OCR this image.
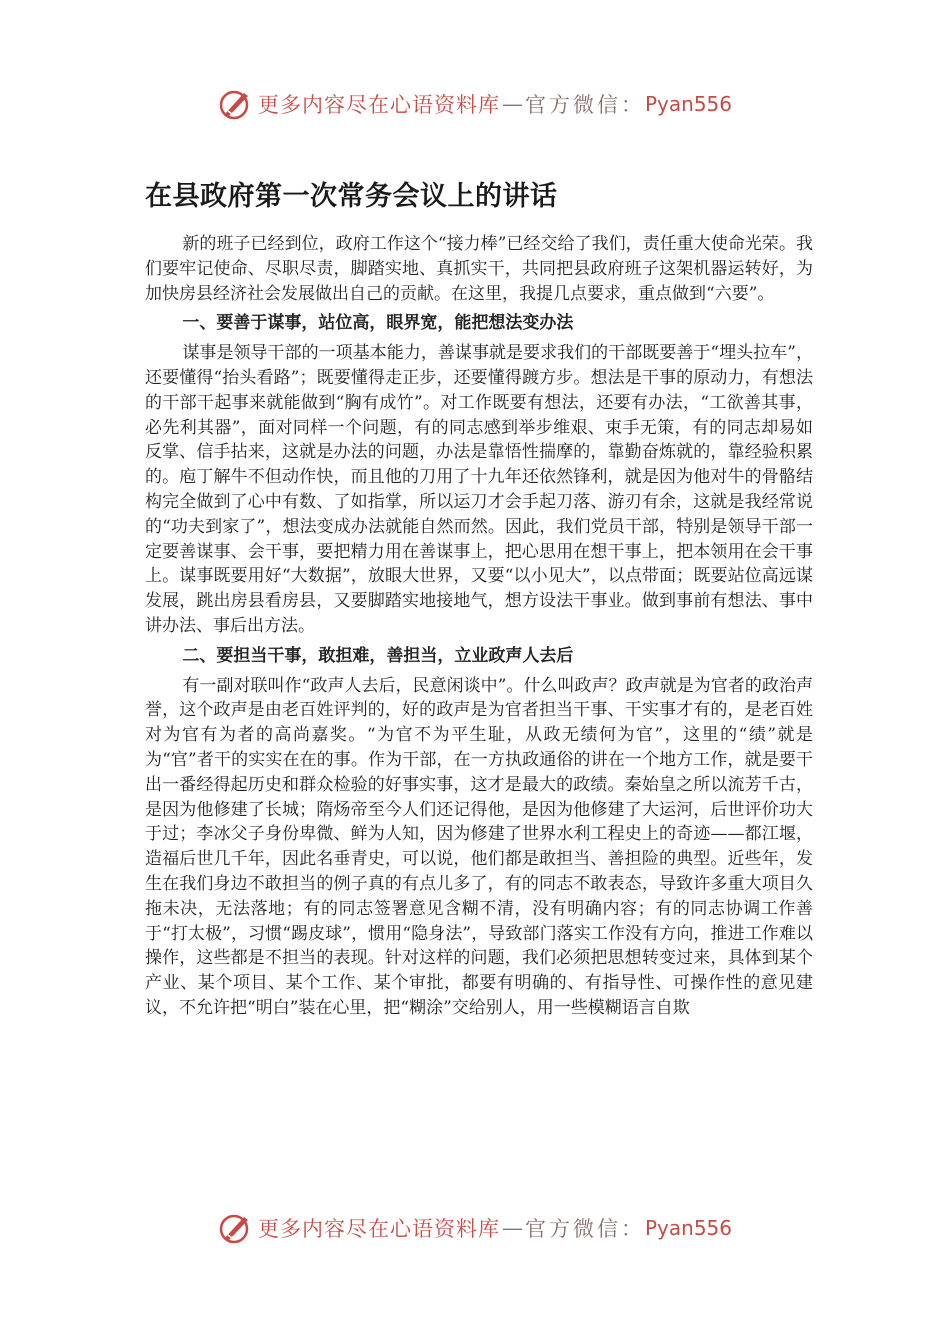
更多内容尽在心语资料库 — 官方微信： Pyan556
在县政府第一次常务会议上的讲话

新的班子已经到位，政府工作这个“接力棒”已经交给了我们，责任重大使命光荣。我们要牢记使命、尽职尽责，脚踏实地、真抓实干，共同把县政府班子这架机器运转好，为加快房县经济社会发展做出自己的贡献。在这里，我提几点要求，重点做到“六要”。

一、要善于谋事，站位高，眼界宽，能把想法变办法

谋事是领导干部的一项基本能力，善谋事就是要求我们的干部既要善于“埋头拉车”，还要懂得“抬头看路”；既要懂得走正步，还要懂得踱方步。想法是干事的原动力，有想法的干部干起事来就能做到“胸有成竹”。对工作既要有想法，还要有办法，“工欲善其事，必先利其器”，面对同样一个问题，有的同志感到举步维艰、束手无策，有的同志却易如反掌、信手拈来，这就是办法的问题，办法是靠悟性揣摩的，靠勤奋炼就的，靠经验积累的。庖丁解牛不但动作快，而且他的刀用了十九年还依然锋利，就是因为他对牛的骨骼结构完全做到了心中有数、了如指掌，所以运刀才会手起刀落、游刃有余，这就是我经常说的“功夫到家了”，想法变成办法就能自然而然。因此，我们党员干部，特别是领导干部一定要善谋事、会干事，要把精力用在善谋事上，把心思用在想干事上，把本领用在会干事上。谋事既要用好“大数据”，放眼大世界，又要“以小见大”，以点带面；既要站位高远谋发展，跳出房县看房县，又要脚踏实地接地气，想方设法干事业。做到事前有想法、事中讲办法、事后出方法。

二、要担当干事，敢担难，善担当，立业政声人去后

有一副对联叫作“政声人去后，民意闲谈中”。什么叫政声？政声就是为官者的政治声誉，这个政声是由老百姓评判的，好的政声是为官者担当干事、干实事才有的，是老百姓对为官有为者的高尚嘉奖。“为官不为平生耻，从政无绩何为官”，这里的“绩”就是为“官”者干的实实在在的事。作为干部，在一方执政通俗的讲在一个地方工作，就是要干出一番经得起历史和群众检验的好事实事，这才是最大的政绩。秦始皇之所以流芳千古，是因为他修建了长城；隋炀帝至今人们还记得他，是因为他修建了大运河，后世评价功大于过；李冰父子身份卑微、鲜为人知，因为修建了世界水利工程史上的奇迹——都江堰，造福后世几千年，因此名垂青史，可以说，他们都是敢担当、善担险的典型。近些年，发生在我们身边不敢担当的例子真的有点儿多了，有的同志不敢表态，导致许多重大项目久拖未决，无法落地；有的同志签署意见含糊不清，没有明确内容；有的同志协调工作善于“打太极”，习惯“踢皮球”，惯用“隐身法”，导致部门落实工作没有方向，推进工作难以操作，这些都是不担当的表现。针对这样的问题，我们必须把思想转变过来，具体到某个产业、某个项目、某个工作、某个审批，都要有明确的、有指导性、可操作性的意见建议，不允许把“明白”装在心里，把“糊涂”交给别人，用一些模糊语言自欺

更多内容尽在心语资料库 — 官方微信： Pyan556
